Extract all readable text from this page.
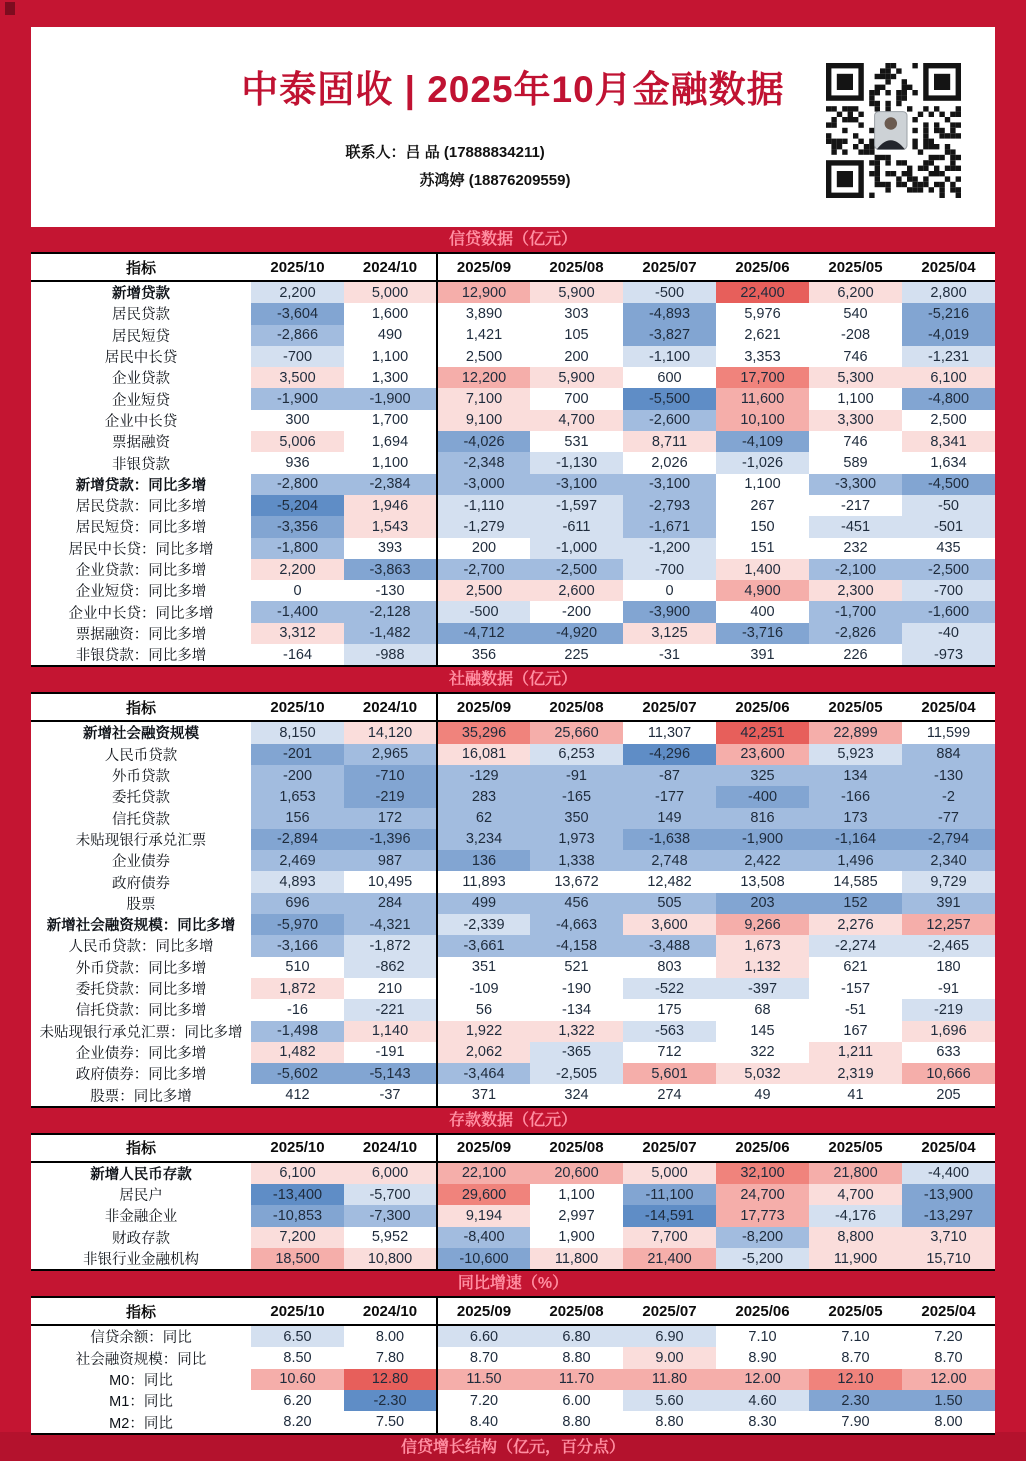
中泰固收 | 2025年10月金融数据
联系人：吕 品 (17888834211)
苏鸿婷 (18876209559)
信贷数据（亿元）
指标	2025/10	2024/10	2025/09	2025/08	2025/07	2025/06	2025/05	2025/04
新增贷款	2,200	5,000	12,900	5,900	-500	22,400	6,200	2,800
居民贷款	-3,604	1,600	3,890	303	-4,893	5,976	540	-5,216
居民短贷	-2,866	490	1,421	105	-3,827	2,621	-208	-4,019
居民中长贷	-700	1,100	2,500	200	-1,100	3,353	746	-1,231
企业贷款	3,500	1,300	12,200	5,900	600	17,700	5,300	6,100
企业短贷	-1,900	-1,900	7,100	700	-5,500	11,600	1,100	-4,800
企业中长贷	300	1,700	9,100	4,700	-2,600	10,100	3,300	2,500
票据融资	5,006	1,694	-4,026	531	8,711	-4,109	746	8,341
非银贷款	936	1,100	-2,348	-1,130	2,026	-1,026	589	1,634
新增贷款：同比多增	-2,800	-2,384	-3,000	-3,100	-3,100	1,100	-3,300	-4,500
居民贷款：同比多增	-5,204	1,946	-1,110	-1,597	-2,793	267	-217	-50
居民短贷：同比多增	-3,356	1,543	-1,279	-611	-1,671	150	-451	-501
居民中长贷：同比多增	-1,800	393	200	-1,000	-1,200	151	232	435
企业贷款：同比多增	2,200	-3,863	-2,700	-2,500	-700	1,400	-2,100	-2,500
企业短贷：同比多增	0	-130	2,500	2,600	0	4,900	2,300	-700
企业中长贷：同比多增	-1,400	-2,128	-500	-200	-3,900	400	-1,700	-1,600
票据融资：同比多增	3,312	-1,482	-4,712	-4,920	3,125	-3,716	-2,826	-40
非银贷款：同比多增	-164	-988	356	225	-31	391	226	-973
社融数据（亿元）
指标	2025/10	2024/10	2025/09	2025/08	2025/07	2025/06	2025/05	2025/04
新增社会融资规模	8,150	14,120	35,296	25,660	11,307	42,251	22,899	11,599
人民币贷款	-201	2,965	16,081	6,253	-4,296	23,600	5,923	884
外币贷款	-200	-710	-129	-91	-87	325	134	-130
委托贷款	1,653	-219	283	-165	-177	-400	-166	-2
信托贷款	156	172	62	350	149	816	173	-77
未贴现银行承兑汇票	-2,894	-1,396	3,234	1,973	-1,638	-1,900	-1,164	-2,794
企业债券	2,469	987	136	1,338	2,748	2,422	1,496	2,340
政府债券	4,893	10,495	11,893	13,672	12,482	13,508	14,585	9,729
股票	696	284	499	456	505	203	152	391
新增社会融资规模：同比多增	-5,970	-4,321	-2,339	-4,663	3,600	9,266	2,276	12,257
人民币贷款：同比多增	-3,166	-1,872	-3,661	-4,158	-3,488	1,673	-2,274	-2,465
外币贷款：同比多增	510	-862	351	521	803	1,132	621	180
委托贷款：同比多增	1,872	210	-109	-190	-522	-397	-157	-91
信托贷款：同比多增	-16	-221	56	-134	175	68	-51	-219
未贴现银行承兑汇票：同比多增	-1,498	1,140	1,922	1,322	-563	145	167	1,696
企业债券：同比多增	1,482	-191	2,062	-365	712	322	1,211	633
政府债券：同比多增	-5,602	-5,143	-3,464	-2,505	5,601	5,032	2,319	10,666
股票：同比多增	412	-37	371	324	274	49	41	205
存款数据（亿元）
指标	2025/10	2024/10	2025/09	2025/08	2025/07	2025/06	2025/05	2025/04
新增人民币存款	6,100	6,000	22,100	20,600	5,000	32,100	21,800	-4,400
居民户	-13,400	-5,700	29,600	1,100	-11,100	24,700	4,700	-13,900
非金融企业	-10,853	-7,300	9,194	2,997	-14,591	17,773	-4,176	-13,297
财政存款	7,200	5,952	-8,400	1,900	7,700	-8,200	8,800	3,710
非银行业金融机构	18,500	10,800	-10,600	11,800	21,400	-5,200	11,900	15,710
同比增速（%）
指标	2025/10	2024/10	2025/09	2025/08	2025/07	2025/06	2025/05	2025/04
信贷余额：同比	6.50	8.00	6.60	6.80	6.90	7.10	7.10	7.20
社会融资规模：同比	8.50	7.80	8.70	8.80	9.00	8.90	8.70	8.70
M0：同比	10.60	12.80	11.50	11.70	11.80	12.00	12.10	12.00
M1：同比	6.20	-2.30	7.20	6.00	5.60	4.60	2.30	1.50
M2：同比	8.20	7.50	8.40	8.80	8.80	8.30	7.90	8.00
信贷增长结构（亿元，百分点）
